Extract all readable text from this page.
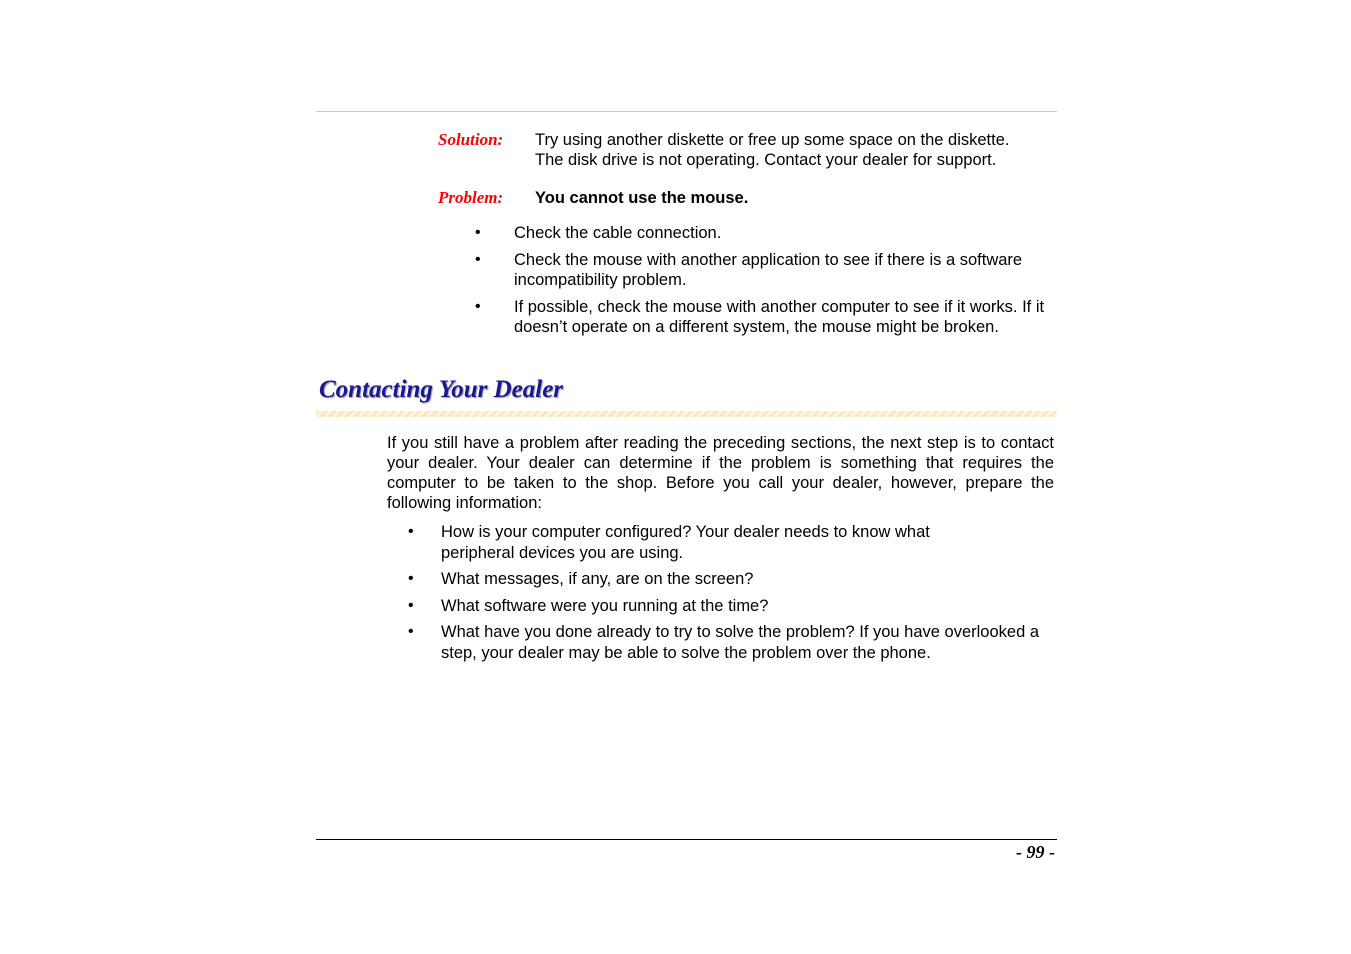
Solution: Try using another diskette or free up some space on the diskette.
The disk drive is not operating. Contact your dealer for support.
Problem: You cannot use the mouse.
• Check the cable connection.
• Check the mouse with another application to see if there is a software incompatibility problem.
• If possible, check the mouse with another computer to see if it works. If it doesn’t operate on a different system, the mouse might be broken.
Contacting Your Dealer
If you still have a problem after reading the preceding sections, the next step is to contact your dealer. Your dealer can determine if the problem is something that requires the computer to be taken to the shop. Before you call your dealer, however, prepare the following information:
• How is your computer configured? Your dealer needs to know what peripheral devices you are using.
• What messages, if any, are on the screen?
• What software were you running at the time?
• What have you done already to try to solve the problem? If you have overlooked a step, your dealer may be able to solve the problem over the phone.
- 99 -
